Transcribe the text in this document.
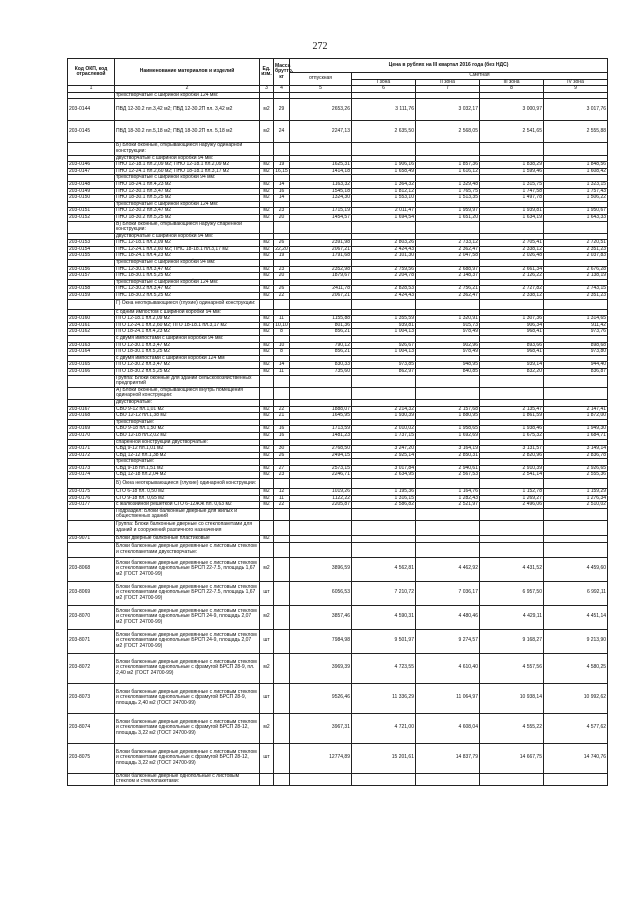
272
Код ОКП, код отраслевой	Наименование материалов и изделий	Ед. изм.	Масса брутто, кг	Цена в рублях на III квартал 2016 года (без НДС)				
				отпускная	Сметная			
					I зона	II зона	III зона	IV зона
1	2	3	4	5	6	7	8	9
	трехстворчатые с шириной коробки 124 мм:							
203-0144	ПВД 12-30.2 пл.3,42 м2; ПВД 12-30.2П пл. 3,42 м2	м2	29	2653,26	3 111,76	3 032,17	3 000,97	3 017,76
203-0145	ПВД 18-30.2 пл.5,18 м2; ПВД 18-30.2П пл. 5,18 м2	м2	24	2247,13	2 635,50	2 568,05	2 541,65	2 555,88
	Б) Блоки оконные, открывающиеся наружу одинарной конструкции:							
	двустворчатые с шириной коробки 94 мм:							
203-0146	ПНО 12-18.1 пл.2,09 м2; ПНО 12-18.1 пл.2,09 м2	м2	19	1625,31	1 906,16	1 857,36	1 838,29	1 848,56
203-0147	ПНО 12-24.1 пл.2,60 м2; ПНО 18-18.1 пл.3,17 м2	м2	16,15	1414,18	1 658,49	1 616,12	1 599,46	1 608,42
	трехстворчатые с шириной коробки 94 мм:							
203-0148	ПНО 18-24.1 пл.4,23 м2	м2	14	1163,32	1 364,32	1 329,48	1 315,75	1 323,15
203-0149	ПНО 12-30.1 пл.3,47 м2	м2	16	1545,18	1 812,12	1 765,75	1 747,58	1 757,43
203-0150	ПНО 18-30.1 пл.5,25 м2	м2	14	1324,30	1 553,10	1 513,35	1 497,78	1 506,22
	трехстворчатые с шириной коробки 124 мм:							
203-0151	ПНО 12-30.2 пл.3,47 м2	м2	23	1715,19	2 011,47	1 959,97	1 939,81	1 950,67
203-0152	ПНО 18-30.2 пл.5,25 м2	м2	20	1454,57	1 694,54	1 651,20	1 634,19	1 643,33
	В) Блоки оконные, открывающиеся наружу спаренной конструкции:							
	двустворчатые с шириной коробки 94 мм:							
203-0153	ПНС 12-18.1 пл.2,09 м2	м2	26	2391,98	2 803,26	2 733,12	2 705,41	2 720,51
203-0154	ПНС 12-24.1 пл.2,60 м2; ПНС 18-18.1 пл.3,17 м2	м2	22,20	2067,21	2 424,43	2 362,47	2 338,12	2 351,23
203-0155	ПНС 18-24.1 пл.4,23 м2	м2	19	1791,68	2 101,30	2 047,58	2 026,48	2 037,83
	трехстворчатые с шириной коробки 94 мм:							
203-0156	ПНС 12-30.1 пл.3,47 м2	м2	23	2352,98	2 759,56	2 688,97	2 661,34	2 676,28
203-0157	ПНС 18-30.1 пл.5,25 м2	м2	20	1879,67	2 204,78	2 148,37	2 126,22	2 138,19
	трехстворчатые с шириной коробки 124 мм:							
203-0158	ПНС 12-30.2 пл.3,47 м2	м2	26	2411,78	2 828,53	2 756,21	2 727,82	2 743,15
203-0159	ПНС 18-30.2 пл.5,25 м2	м2	22	2067,21	2 424,43	2 362,47	2 338,12	2 351,23
	Г) Окна неоткрывающиеся (глухие) одинарной конструкции:							
	с одним импостом с шириной коробки 94 мм:							
203-0160	ПГО 12-18.1 пл.2,09 м2	м2	11	1155,88	1 355,59	1 320,91	1 307,36	1 314,65
203-0161	ПГО 12-24.1 пл.2,60 м2; ПГО 18-18.1 пл.3,17 м2	м2	10,10	801,36	939,81	915,73	906,34	911,42
203-0162	ПГО 18-24.1 пл.4,23 м2	м2	8	856,21	1 004,13	978,49	968,41	973,76
	с двумя импостами с шириной коробки 94 мм:							
203-0163	ПГО 12-30.1 пл.3,47 м2	м2	10	790,12	926,67	902,96	893,66	898,68
203-0164	ПГО 18-30.1 пл.5,25 м2	м2	8	856,21	1 004,13	978,49	968,41	973,80
	с двумя импостами с шириной коробки 124 мм							
203-0165	ПГО 12-30.2 пл.3,47 м2	м2	14	830,33	973,85	948,95	939,14	944,40
203-0166	ПГО 18-30.2 пл.5,25 м2	м2	11	735,60	862,97	840,85	832,20	836,87
	Группа: Блоки оконные для зданий сельскохозяйственных предприятий							
	А) Блоки оконные, открывающиеся внутрь помещения одинарной конструкции:							
	двустворчатые:							
203-0167	СВО 9-12 пл.1,01 м2	м2	22	1888,07	2 214,32	2 157,68	2 135,47	2 147,41
203-0168	СВО 12-12 пл.1,38 м2	м2	21	1645,95	1 930,39	1 880,95	1 861,59	1 872,00
	трехстворчатые:							
203-0169	СВО 9-18 пл.1,50 м2	м2	16	1713,59	2 010,02	1 958,65	1 938,46	1 949,30
203-0170	СВО 12-18 пл.2,02 м2	м2	16	1481,23	1 737,15	1 692,69	1 675,32	1 684,71
	спаренной конструкции двустворчатые:							
203-0171	СВД 9-12 пл.1,01 м2	м2	30	2768,50	3 247,20	3 164,19	3 131,57	3 149,14
203-0172	СВД 12-12 пл.1,38 м2	м2	26	2494,15	2 925,14	2 850,31	2 820,96	2 836,78
	трехстворчатые:							
203-0173	СВД 9-18 пл.1,51 м2	м2	27	2573,15	3 017,84	2 940,61	2 910,39	2 926,65
203-0174	СВД 12-18 пл.2,04 м2	м2	23	2246,71	2 634,95	2 567,53	2 541,14	2 555,36
	Б) Окна неоткрывающиеся (глухие) одинарной конструкции:							
203-0175	СГО 6-18 пл. 0,50 м2	м2	12	1019,26	1 195,36	1 164,76	1 152,78	1 159,29
203-0176	СГО 9-18 пл. 0,65 м2	м2	11	1122,22	1 316,15	1 282,43	1 269,27	1 276,34
203-0177	с жалюзийной решеткой СГО 6-12ЖЖ пл. 0,63 м2	м2	22	2205,87	2 586,82	2 521,97	2 496,06	2 510,02
	Подраздел: Блоки балконные дверные для жилых и общественных зданий							
	Группа: Блоки балконные дверные со стеклопакетами для зданий и сооружений различного назначения							
203-9071	Блоки дверные балконные пластиковые	м2						
	Блоки балконные дверные деревянные с листовым стеклом и стеклопакетами двухстворчатые:							
203-8068	Блоки балконные дверные деревянные с листовым стеклом и стеклопакетами однопольные БРСП 22-7.5, площадь 1,67 м2 (ГОСТ 24700-99)	м2		3896,59	4 562,81	4 462,92	4 431,52	4 459,60
203-8069	Блоки балконные дверные деревянные с листовым стеклом и стеклопакетами однопольные БРСП 22-7.5, площадь 1,67 м2 (ГОСТ 24700-99)	шт		6056,53	7 210,72	7 036,17	6 957,50	6 992,11
203-8070	Блоки балконные дверные деревянные с листовым стеклом и стеклопакетами однопольные БРСП 24-9, площадь 2,07 м2 (ГОСТ 24700-99)	м2		3857,46	4 590,31	4 480,46	4 429,11	4 451,14
203-8071	Блоки балконные дверные деревянные с листовым стеклом и стеклопакетами однопольные БРСП 24-9, площадь 2,07 м2 (ГОСТ 24700-99)	шт		7984,98	9 501,97	9 274,57	9 168,27	9 213,90
203-8072	Блоки балконные дверные деревянные с листовым стеклом и стеклопакетами однопольные с фрамугой БРСП 28-9, пл. 2,40 м2 (ГОСТ 24700-99)	м2		3969,39	4 723,55	4 610,40	4 557,56	4 580,25
203-8073	Блоки балконные дверные деревянные с листовым стеклом и стеклопакетами однопольные с фрамугой БРСП 28-9, площадь 2,40 м2 (ГОСТ 24700-99)	шт		9526,46	11 336,29	11 064,97	10 938,14	10 992,62
203-8074	Блоки балконные дверные деревянные с листовым стеклом и стеклопакетами однопольные с фрамугой БРСП 28-12, площадь 3,22 м2 (ГОСТ 24700-99)	м2		3967,31	4 721,00	4 608,04	4 555,22	4 577,62
203-8075	Блоки балконные дверные деревянные с листовым стеклом и стеклопакетами однопольные с фрамугой БРСП 28-12, площадь 3,22 м2 (ГОСТ 24700-99)	шт		12774,89	15 201,61	14 837,79	14 667,75	14 740,76
	Блоки балконные дверные однопольные с листовым стеклом и стеклопакетами:							
